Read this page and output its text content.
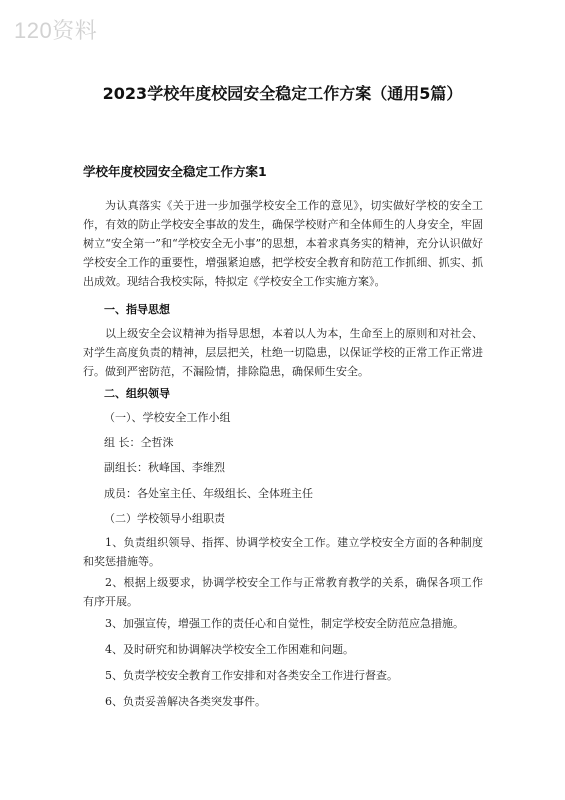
120资料
2023学校年度校园安全稳定工作方案（通用5篇）
学校年度校园安全稳定工作方案1

为认真落实《关于进一步加强学校安全工作的意见》，切实做好学校的安全工作，有效的防止学校安全事故的发生，确保学校财产和全体师生的人身安全，牢固树立“安全第一”和“学校安全无小事”的思想，本着求真务实的精神，充分认识做好学校安全工作的重要性，增强紧迫感，把学校安全教育和防范工作抓细、抓实、抓出成效。现结合我校实际，特拟定《学校安全工作实施方案》。

一、指导思想

以上级安全会议精神为指导思想，本着以人为本，生命至上的原则和对社会、对学生高度负责的精神，层层把关，杜绝一切隐患，以保证学校的正常工作正常进行。做到严密防范，不漏险情，排除隐患，确保师生安全。

二、组织领导
（一）、学校安全工作小组
组 长：仝哲洙
副组长：秋峰国、李维烈
成员：各处室主任、年级组长、全体班主任
（二）学校领导小组职责

1、负责组织领导、指挥、协调学校安全工作。建立学校安全方面的各种制度和奖惩措施等。

2、根据上级要求，协调学校安全工作与正常教育教学的关系，确保各项工作有序开展。

3、加强宣传，增强工作的责任心和自觉性，制定学校安全防范应急措施。

4、及时研究和协调解决学校安全工作困难和问题。

5、负责学校安全教育工作安排和对各类安全工作进行督查。

6、负责妥善解决各类突发事件。
